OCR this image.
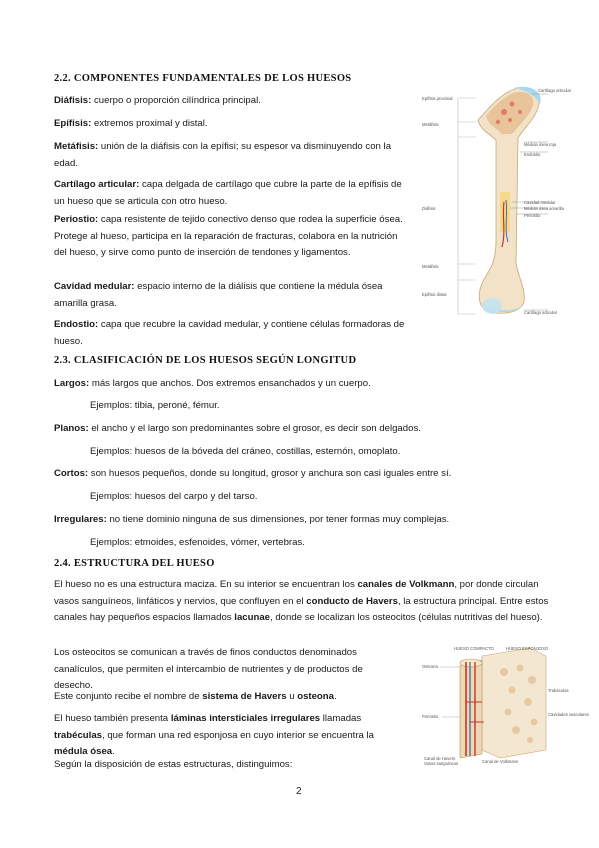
2.2. COMPONENTES FUNDAMENTALES DE LOS HUESOS
Diáfisis: cuerpo o proporción cilíndrica principal.
Epífisis: extremos proximal y distal.
Metáfisis: unión de la diáfisis con la epífisi; su espesor va disminuyendo con la edad.
Cartílago articular: capa delgada de cartílago que cubre la parte de la epífisis de un hueso que se articula con otro hueso.
Periostio: capa resistente de tejido conectivo denso que rodea la superficie ósea. Protege al hueso, participa en la reparación de fracturas, colabora en la nutrición del hueso, y sirve como punto de inserción de tendones y ligamentos.
Cavidad medular: espacio interno de la diálisis que contiene la médula ósea amarilla grasa.
Endostio: capa que recubre la cavidad medular, y contiene células formadoras de hueso.
Epífisis proximal
Metáfisis
Diáfisis
Metáfisis
Epífisis distal
Cartílago articular
Médula ósea roja
Endostio
Cavidad medular
Médula ósea amarilla
Periostio
Cartílago articular
2.3. CLASIFICACIÓN DE LOS HUESOS SEGÚN LONGITUD
Largos: más largos que anchos. Dos extremos ensanchados y un cuerpo.
Ejemplos: tibia, peroné, fémur.
Planos: el ancho y el largo son predominantes sobre el grosor, es decir son delgados.
Ejemplos: huesos de la bóveda del cráneo, costillas, esternón, omoplato.
Cortos: son huesos pequeños, donde su longitud, grosor y anchura son casi iguales entre sí.
Ejemplos: huesos del carpo y del tarso.
Irregulares: no tiene dominio ninguna de sus dimensiones, por tener formas muy complejas.
Ejemplos: etmoides, esfenoides, vómer, vertebras.
2.4. ESTRUCTURA DEL HUESO
El hueso no es una estructura maciza. En su interior se encuentran los canales de Volkmann, por donde circulan vasos sanguíneos, linfáticos y nervios, que confluyen en el conducto de Havers, la estructura principal. Entre estos canales hay pequeños espacios llamados lacunae, donde se localizan los osteocitos (células nutritivas del hueso).
Los osteocitos se comunican a través de finos conductos denominados canalículos, que permiten el intercambio de nutrientes y de productos de desecho.
Este conjunto recibe el nombre de sistema de Havers u osteona.
El hueso también presenta láminas intersticiales irregulares llamadas trabéculas, que forman una red esponjosa en cuyo interior se encuentra la médula ósea.
Según la disposición de estas estructuras, distinguimos:
HUESO COMPACTO	HUESO ESPONJOSO
Osteona
Periostio
Trabéculas
Cavidades vasculares
Canal de Havers
Vasos sanguíneos	Canal de Volkmann
2
